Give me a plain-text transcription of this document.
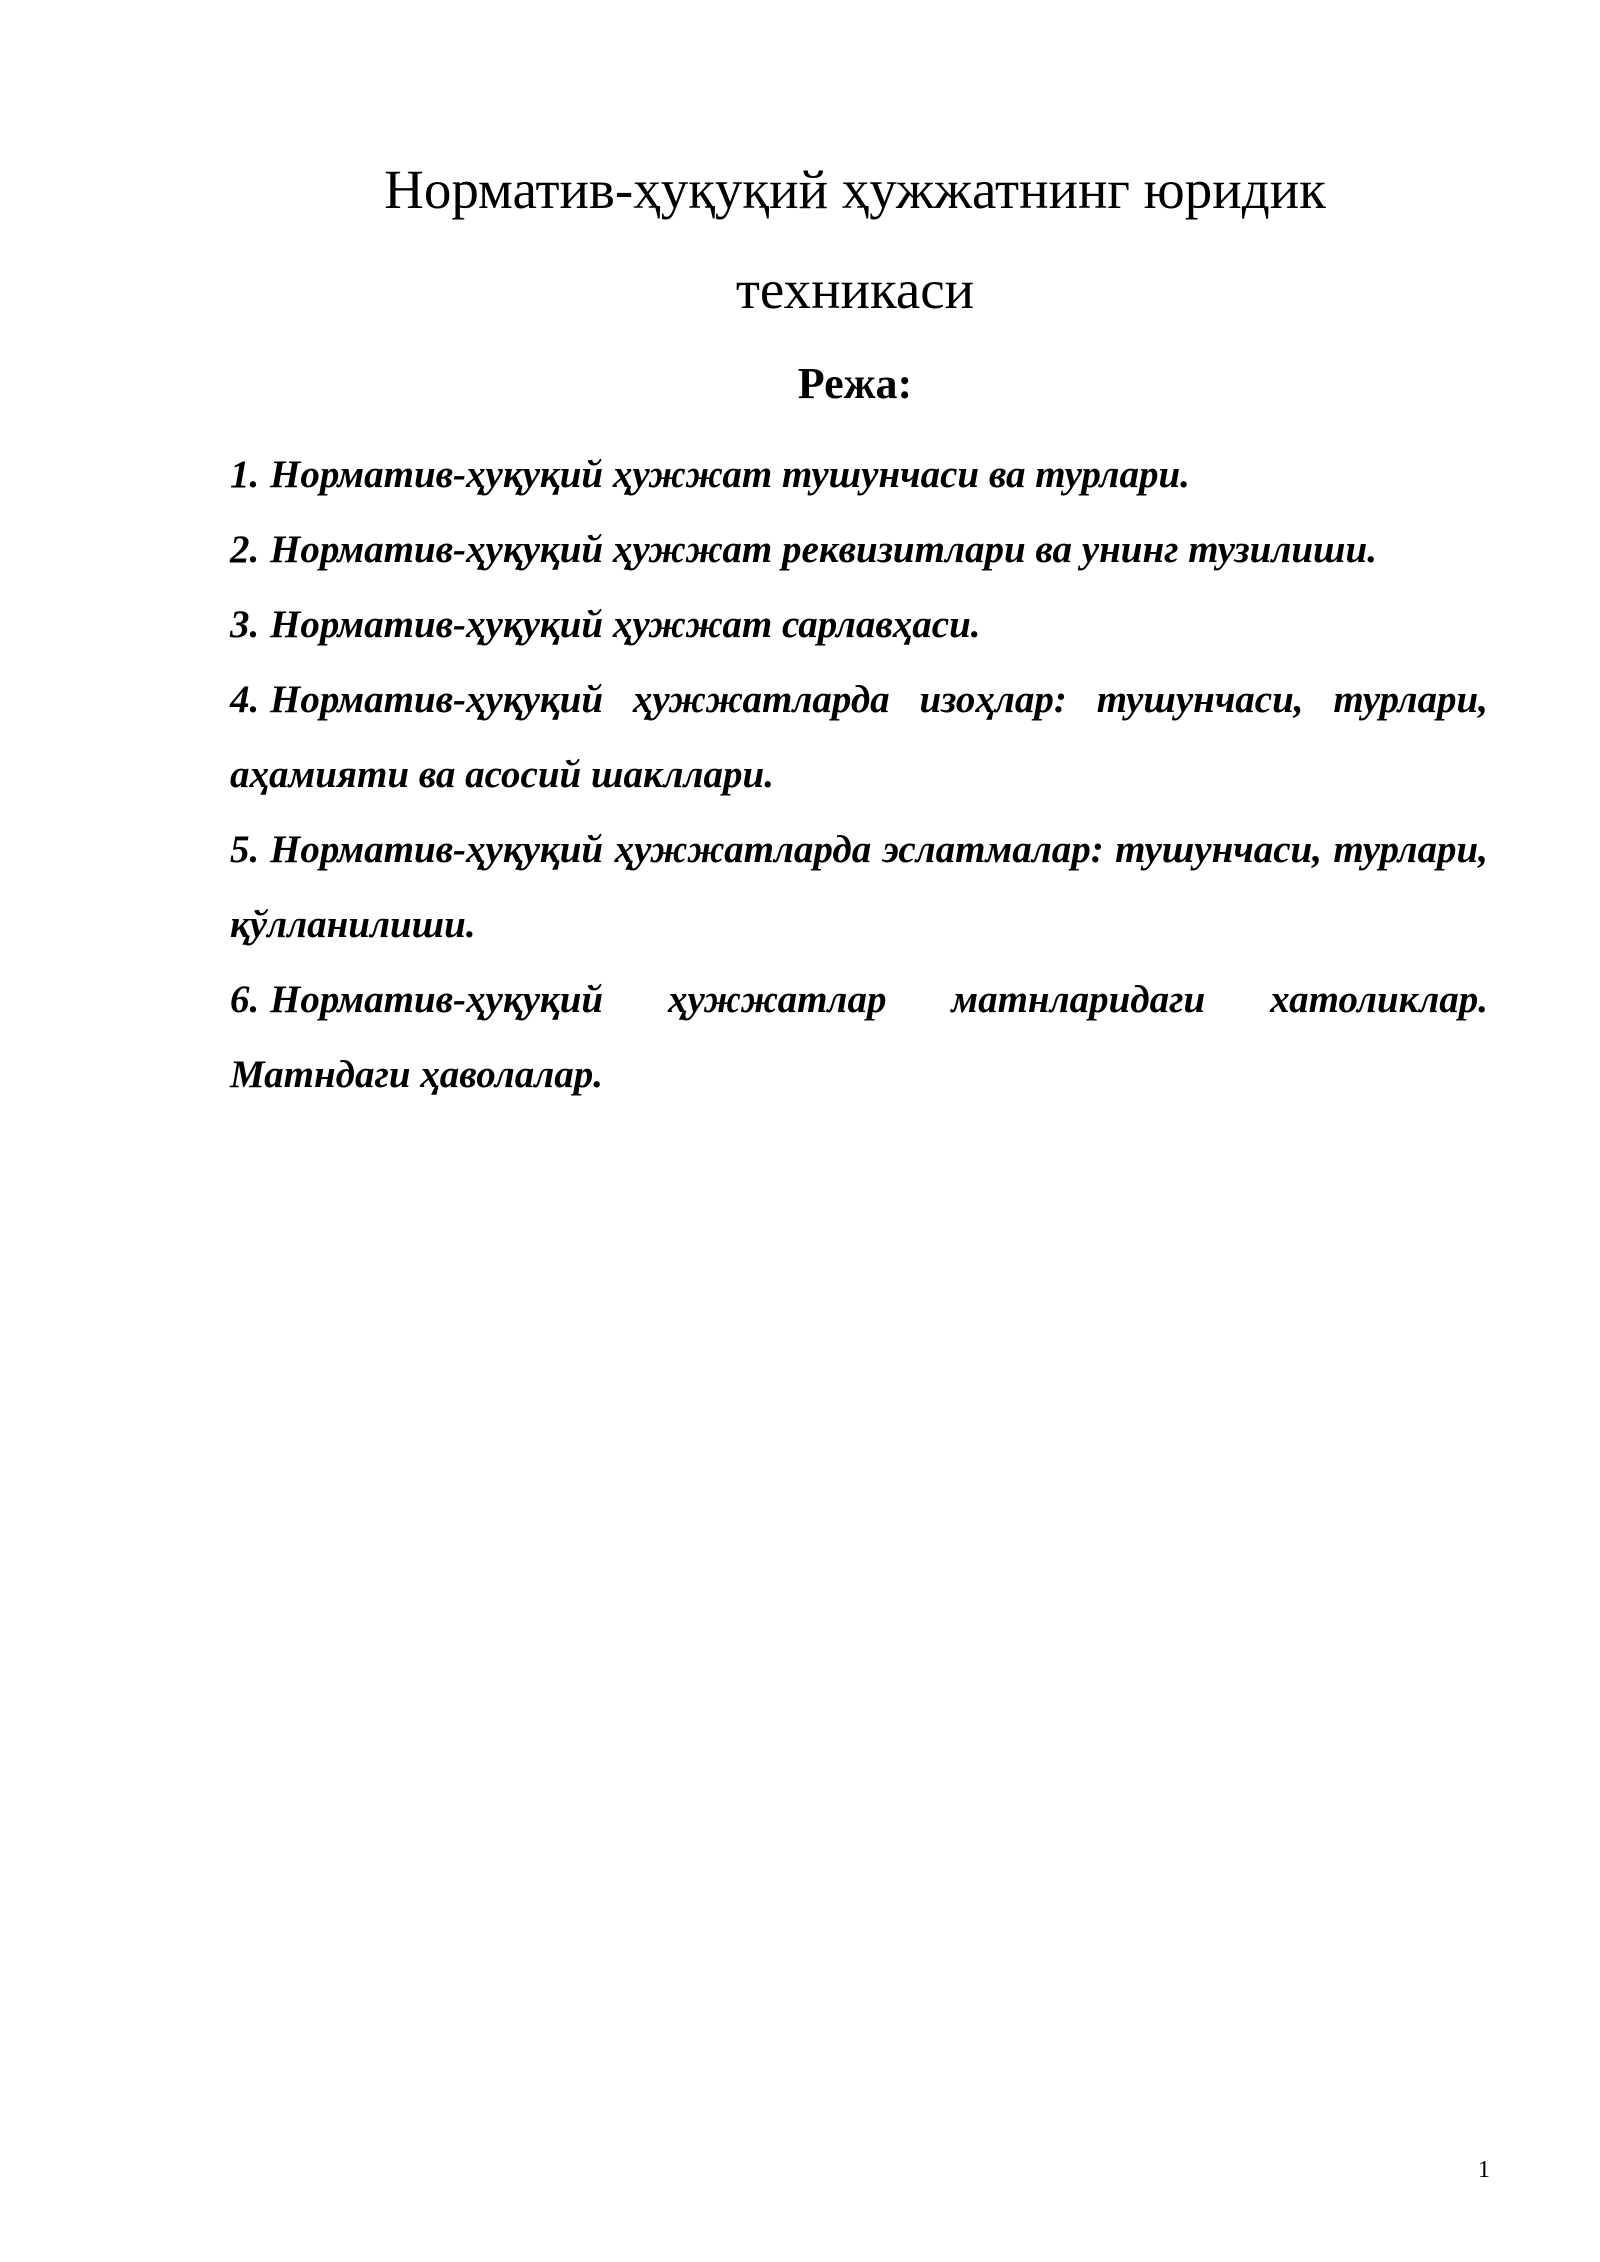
Норматив-ҳуқуқий ҳужжатнинг юридик
техникаси
Режа:
1. Норматив-ҳуқуқий ҳужжат тушунчаси ва турлари.
2. Норматив-ҳуқуқий ҳужжат реквизитлари ва унинг тузилиши.
3. Норматив-ҳуқуқий ҳужжат сарлавҳаси.
4. Норматив-ҳуқуқий ҳужжатларда изоҳлар: тушунчаси, турлари, аҳамияти ва асосий шакллари.
5. Норматив-ҳуқуқий ҳужжатларда эслатмалар: тушунчаси, турлари, қўлланилиши.
6. Норматив-ҳуқуқий ҳужжатлар матнларидаги хатоликлар. Матндаги ҳаволалар.
1
